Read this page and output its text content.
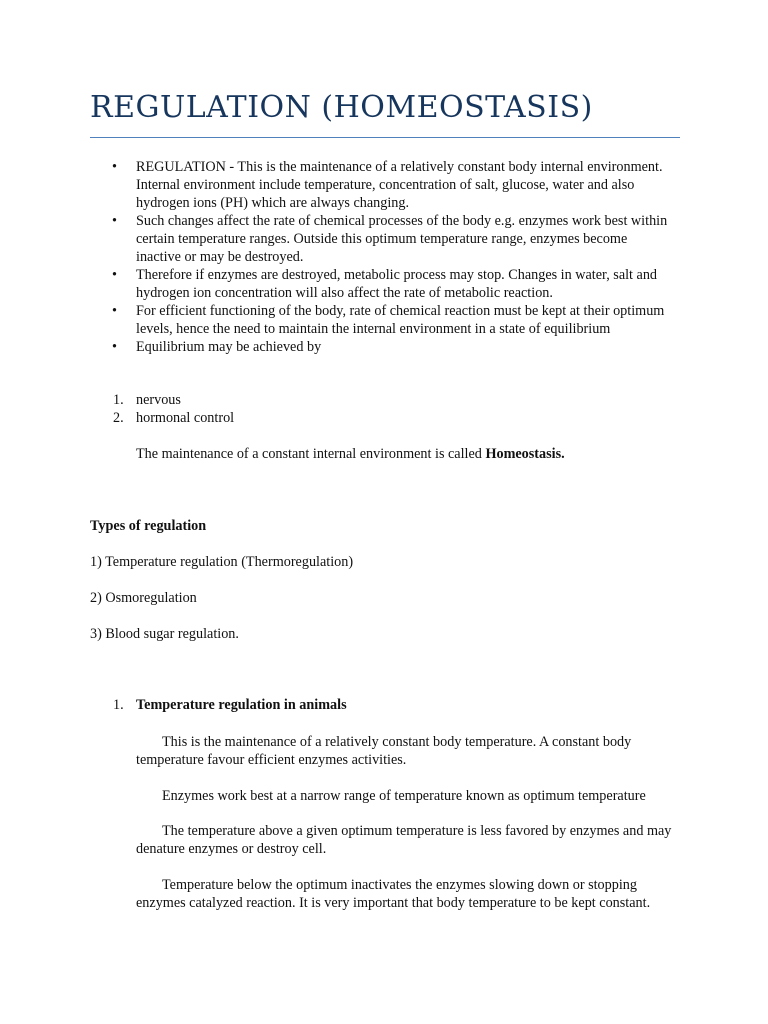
REGULATION (HOMEOSTASIS)
• REGULATION - This is the maintenance of a relatively constant body internal environment. Internal environment include temperature, concentration of salt, glucose, water and also hydrogen ions (PH) which are always changing.
• Such changes affect the rate of chemical processes of the body e.g. enzymes work best within certain temperature ranges. Outside this optimum temperature range, enzymes become inactive or may be destroyed.
• Therefore if enzymes are destroyed, metabolic process may stop. Changes in water, salt and hydrogen ion concentration will also affect the rate of metabolic reaction.
• For efficient functioning of the body, rate of chemical reaction must be kept at their optimum levels, hence the need to maintain the internal environment in a state of equilibrium
• Equilibrium may be achieved by
1. nervous
2. hormonal control

The maintenance of a constant internal environment is called Homeostasis.

Types of regulation

1) Temperature regulation (Thermoregulation)

2) Osmoregulation

3) Blood sugar regulation.

1. Temperature regulation in animals

This is the maintenance of a relatively constant body temperature. A constant body temperature favour efficient enzymes activities.

Enzymes work best at a narrow range of temperature known as optimum temperature

The temperature above a given optimum temperature is less favored by enzymes and may denature enzymes or destroy cell.

Temperature below the optimum inactivates the enzymes slowing down or stopping enzymes catalyzed reaction. It is very important that body temperature to be kept constant.
